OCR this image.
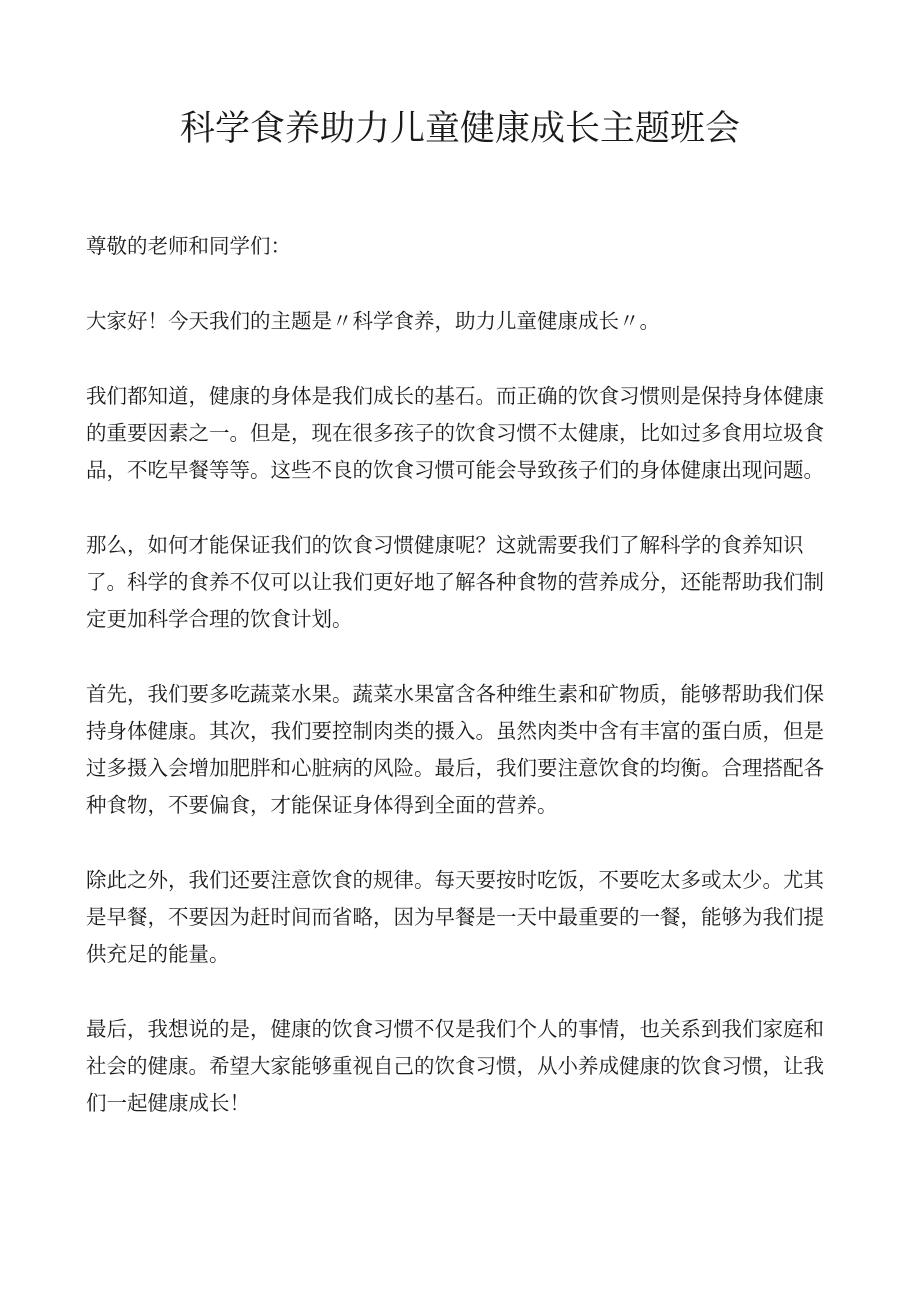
科学食养助力儿童健康成长主题班会

尊敬的老师和同学们：

大家好！今天我们的主题是〃科学食养，助力儿童健康成长〃。

我们都知道，健康的身体是我们成长的基石。而正确的饮食习惯则是保持身体健康的重要因素之一。但是，现在很多孩子的饮食习惯不太健康，比如过多食用垃圾食品，不吃早餐等等。这些不良的饮食习惯可能会导致孩子们的身体健康出现问题。

那么，如何才能保证我们的饮食习惯健康呢？这就需要我们了解科学的食养知识了。科学的食养不仅可以让我们更好地了解各种食物的营养成分，还能帮助我们制定更加科学合理的饮食计划。

首先，我们要多吃蔬菜水果。蔬菜水果富含各种维生素和矿物质，能够帮助我们保持身体健康。其次，我们要控制肉类的摄入。虽然肉类中含有丰富的蛋白质，但是过多摄入会增加肥胖和心脏病的风险。最后，我们要注意饮食的均衡。合理搭配各种食物，不要偏食，才能保证身体得到全面的营养。

除此之外，我们还要注意饮食的规律。每天要按时吃饭，不要吃太多或太少。尤其是早餐，不要因为赶时间而省略，因为早餐是一天中最重要的一餐，能够为我们提供充足的能量。

最后，我想说的是，健康的饮食习惯不仅是我们个人的事情，也关系到我们家庭和社会的健康。希望大家能够重视自己的饮食习惯，从小养成健康的饮食习惯，让我们一起健康成长！
